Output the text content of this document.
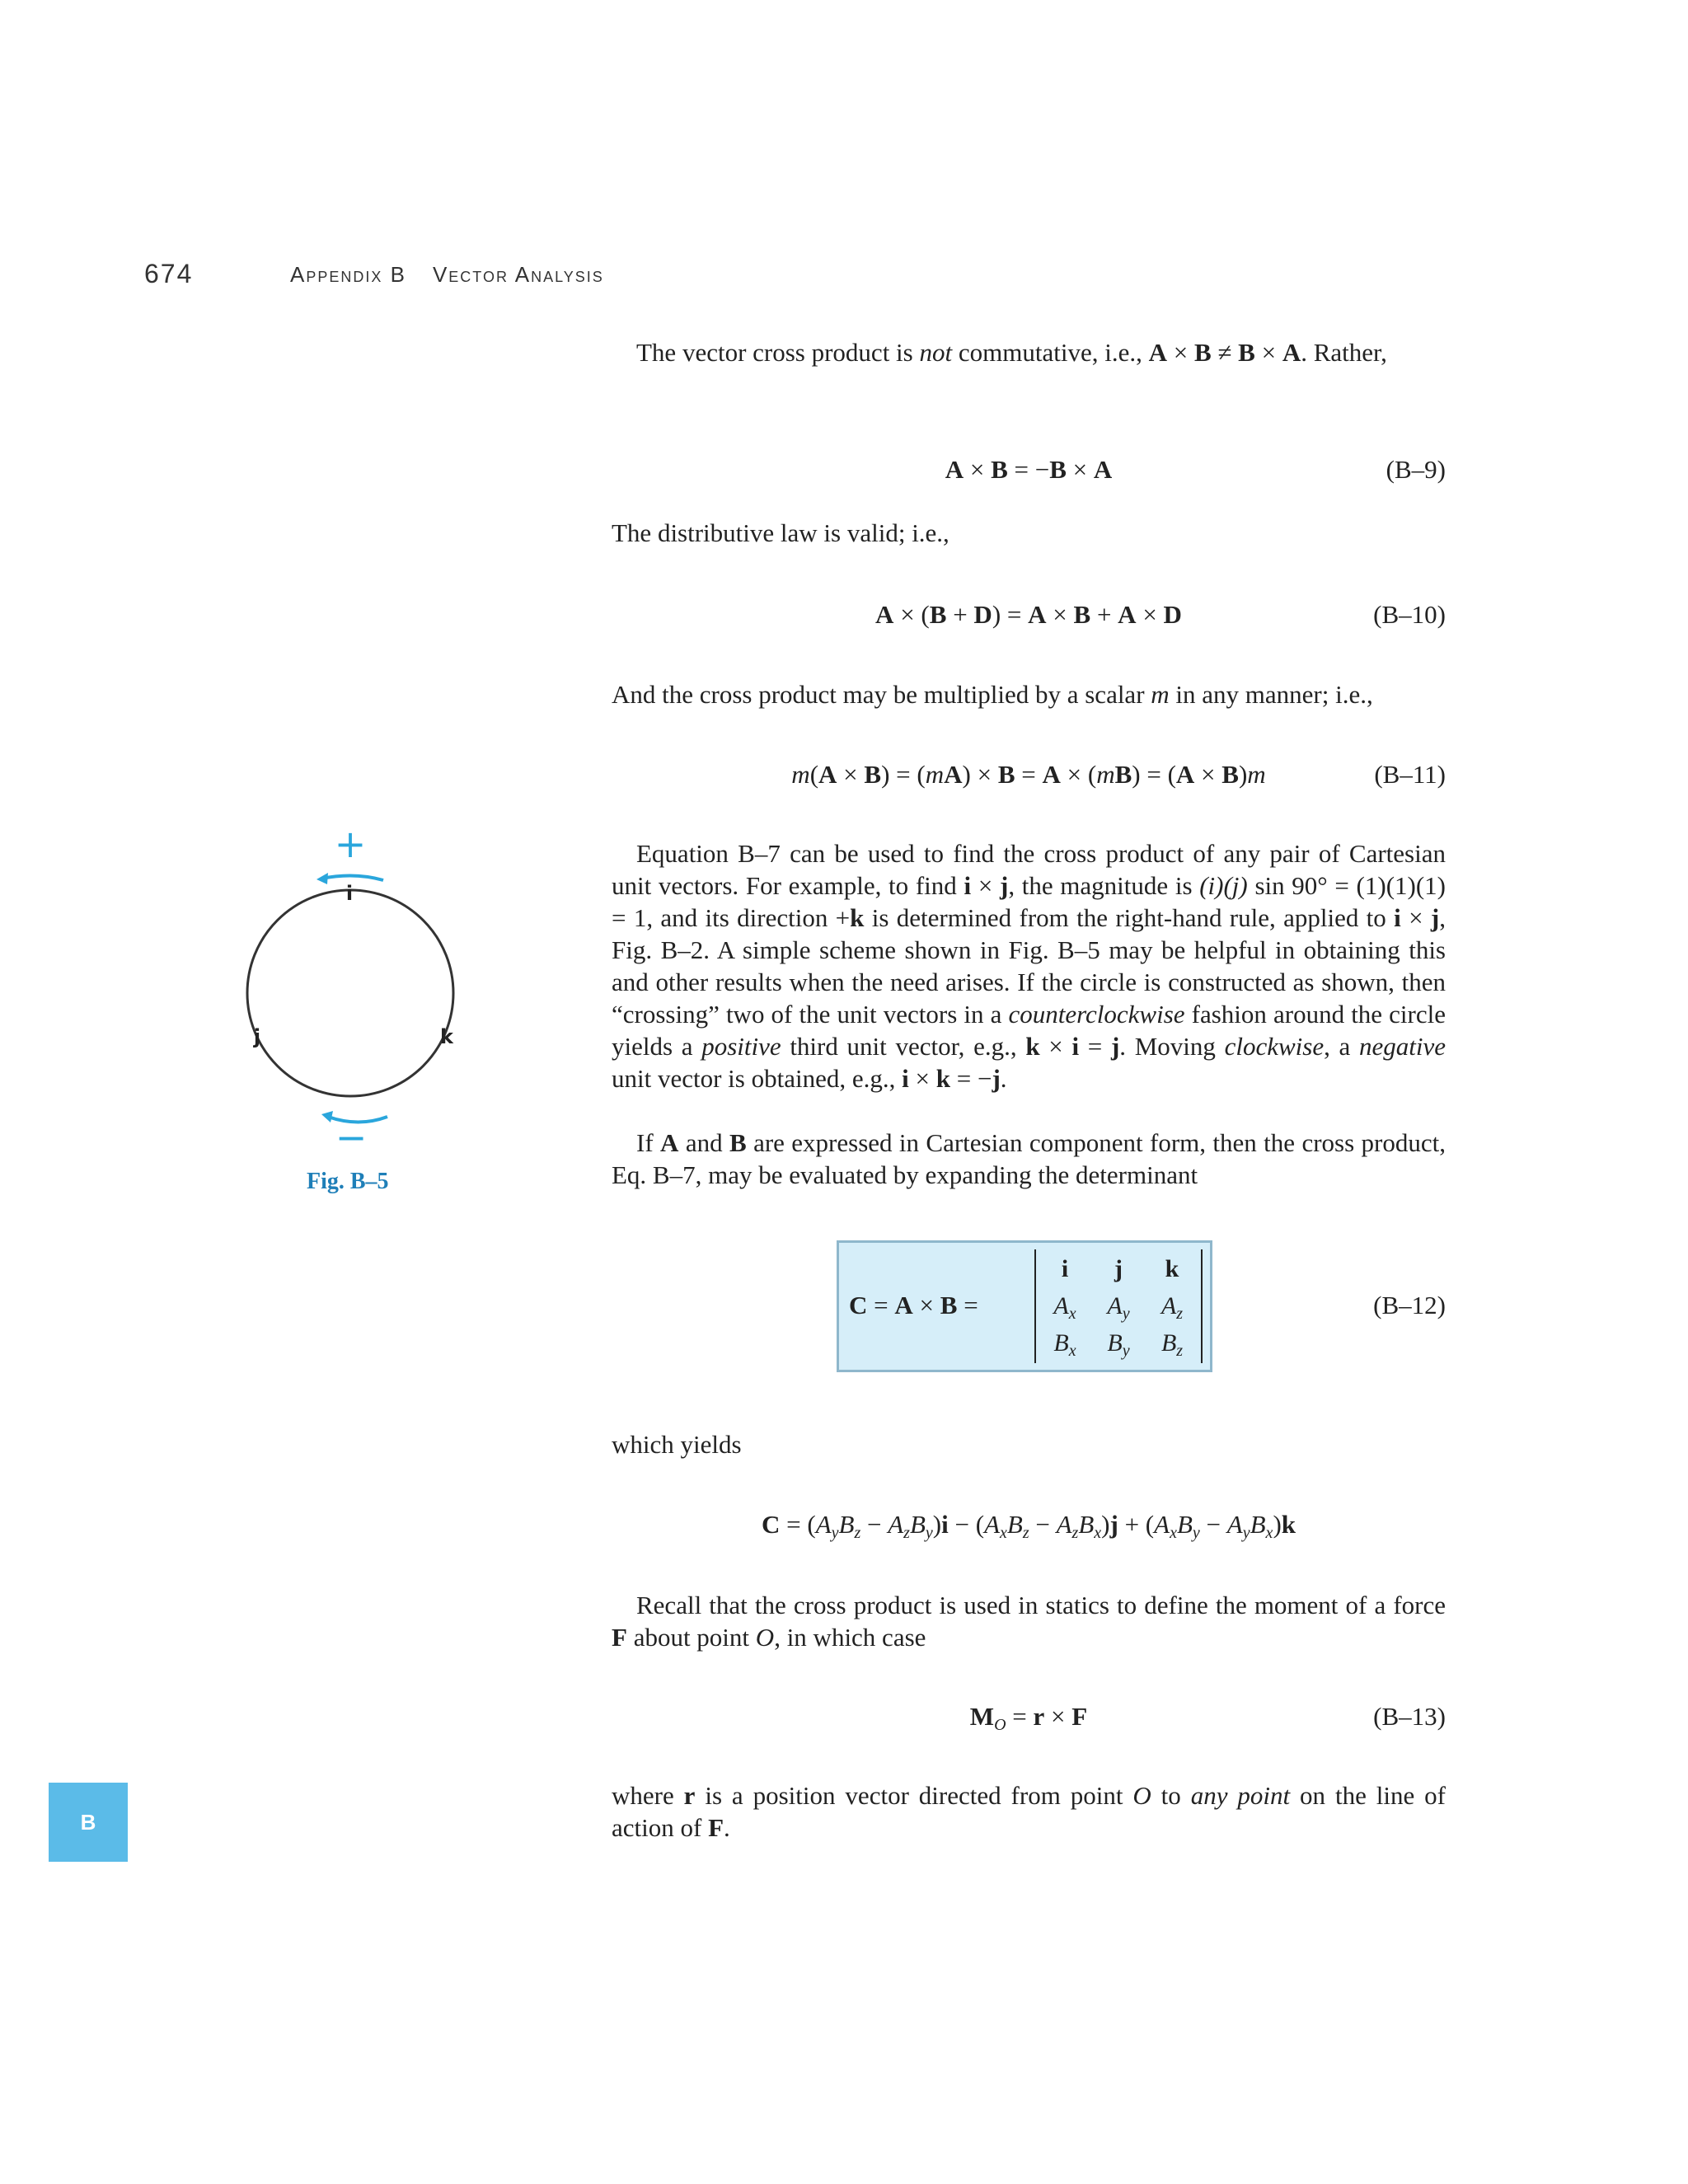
674	Appendix B Vector Analysis

The vector cross product is not commutative, i.e., A × B ≠ B × A. Rather,

A × B = −B × A	(B–9)

The distributive law is valid; i.e.,

A × (B + D) = A × B + A × D	(B–10)

And the cross product may be multiplied by a scalar m in any manner; i.e.,

m(A × B) = (mA) × B = A × (mB) = (A × B)m	(B–11)

Equation B–7 can be used to find the cross product of any pair of Cartesian unit vectors. For example, to find i × j, the magnitude is (i)(j) sin 90° = (1)(1)(1) = 1, and its direction +k is determined from the right-hand rule, applied to i × j, Fig. B–2. A simple scheme shown in Fig. B–5 may be helpful in obtaining this and other results when the need arises. If the circle is constructed as shown, then “crossing” two of the unit vectors in a counterclockwise fashion around the circle yields a positive third unit vector, e.g., k × i = j. Moving clockwise, a negative unit vector is obtained, e.g., i × k = −j.

If A and B are expressed in Cartesian component form, then the cross product, Eq. B–7, may be evaluated by expanding the determinant

C = A × B =
i	j	k
$A_x$	$A_y$	$A_z$
$B_x$	$B_y$	$B_z$
(B–12)

which yields

$C = (A_yB_z - A_zB_y)i - (A_xB_z - A_zB_x)j + (A_xB_y - A_yB_x)k$

Recall that the cross product is used in statics to define the moment of a force F about point O, in which case

$M_O = r \times F$	(B–13)

where r is a position vector directed from point O to any point on the line of action of F.

+
i
j	k
−
Fig. B–5
B
